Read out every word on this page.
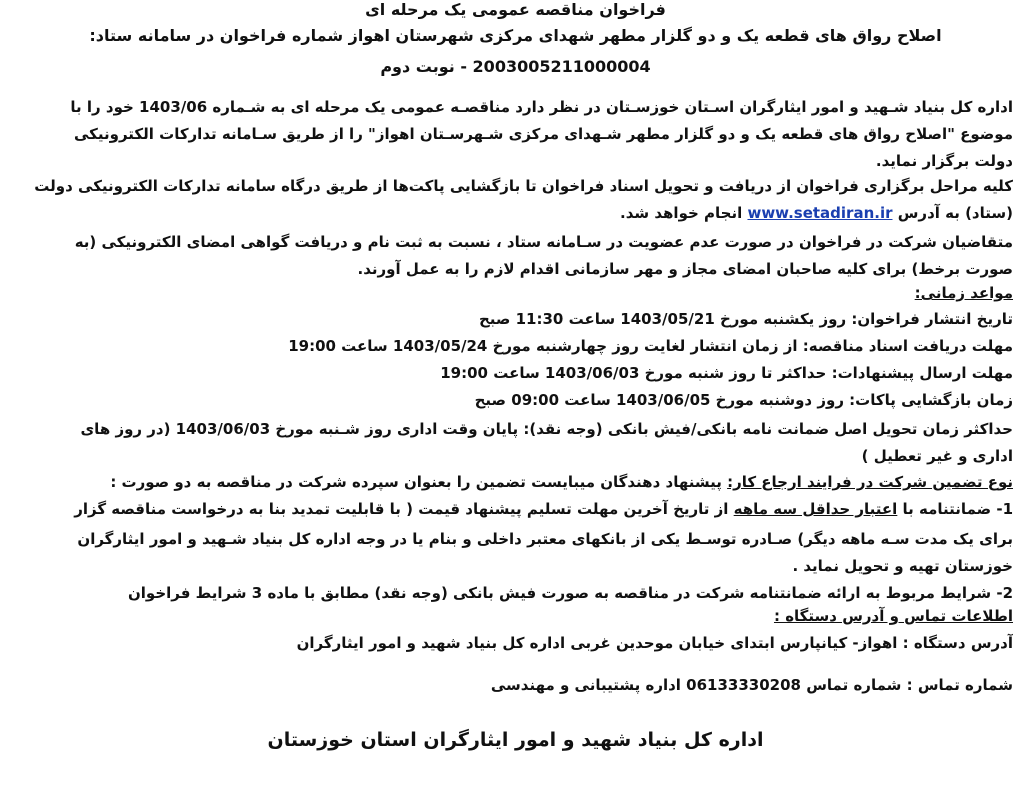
فراخوان مناقصه عمومی یک مرحله ای
اصلاح رواق های قطعه یک و دو گلزار مطهر شهدای مرکزی شهرستان اهواز شماره فراخوان در سامانه ستاد:
2003005211000004 - نوبت دوم
اداره کل بنیاد شـهید و امور ایثارگران اسـتان خوزسـتان در نظر دارد مناقصـه عمومی یک مرحله ای به شـماره 1403/06 خود را با
موضوع "اصلاح رواق های قطعه یک و دو گلزار مطهر شـهدای مرکزی شـهرسـتان اهواز" را از طریق سـامانه تدارکات الکترونیکی
دولت برگزار نماید.
کلیه مراحل برگزاری فراخوان از دریافت و تحویل اسناد فراخوان تا بازگشایی پاکت‌ها از طریق درگاه سامانه تدارکات الکترونیکی دولت
(ستاد) به آدرس www.setadiran.ir انجام خواهد شد.
متقاضیان شرکت در فراخوان در صورت عدم عضویت در سـامانه ستاد ، نسبت به ثبت نام و دریافت گواهی امضای الکترونیکی (به
صورت برخط) برای کلیه صاحبان امضای مجاز و مهر سازمانی اقدام لازم را به عمل آورند.
مواعد زمانی:
تاریخ انتشار فراخوان: روز یکشنبه مورخ 1403/05/21 ساعت 11:30 صبح
مهلت دریافت اسناد مناقصه: از زمان انتشار لغایت روز چهارشنبه مورخ 1403/05/24 ساعت 19:00
مهلت ارسال پیشنهادات: حداکثر تا روز شنبه مورخ 1403/06/03 ساعت 19:00
زمان بازگشایی پاکات: روز دوشنبه مورخ 1403/06/05 ساعت 09:00 صبح
حداکثر زمان تحویل اصل ضمانت نامه بانکی/فیش بانکی (وجه نقد): پایان وقت اداری روز شـنبه مورخ 1403/06/03 (در روز های
اداری و غیر تعطیل )
نوع تضمین شرکت در فرایند ارجاع کار: پیشنهاد دهندگان میبایست تضمین را بعنوان سپرده شرکت در مناقصه به دو صورت :
1- ضمانتنامه با اعتبار حداقل سه ماهه از تاریخ آخرین مهلت تسلیم پیشنهاد قیمت ( با قابلیت تمدید بنا به درخواست مناقصه گزار
برای یک مدت سـه ماهه دیگر) صـادره توسـط یکی از بانکهای معتبر داخلی و بنام یا در وجه اداره کل بنیاد شـهید و امور ایثارگران
خوزستان تهیه و تحویل نماید .
2- شرایط مربوط به ارائه ضمانتنامه شرکت در مناقصه به صورت فیش بانکی (وجه نقد) مطابق با ماده 3 شرایط فراخوان
اطلاعات تماس و آدرس دستگاه :
آدرس دستگاه : اهواز- کیانپارس ابتدای خیابان موحدین غربی اداره کل بنیاد شهید و امور ایثارگران
شماره تماس : شماره تماس 06133330208 اداره پشتیبانی و مهندسی
اداره کل بنیاد شهید و امور ایثارگران استان خوزستان
